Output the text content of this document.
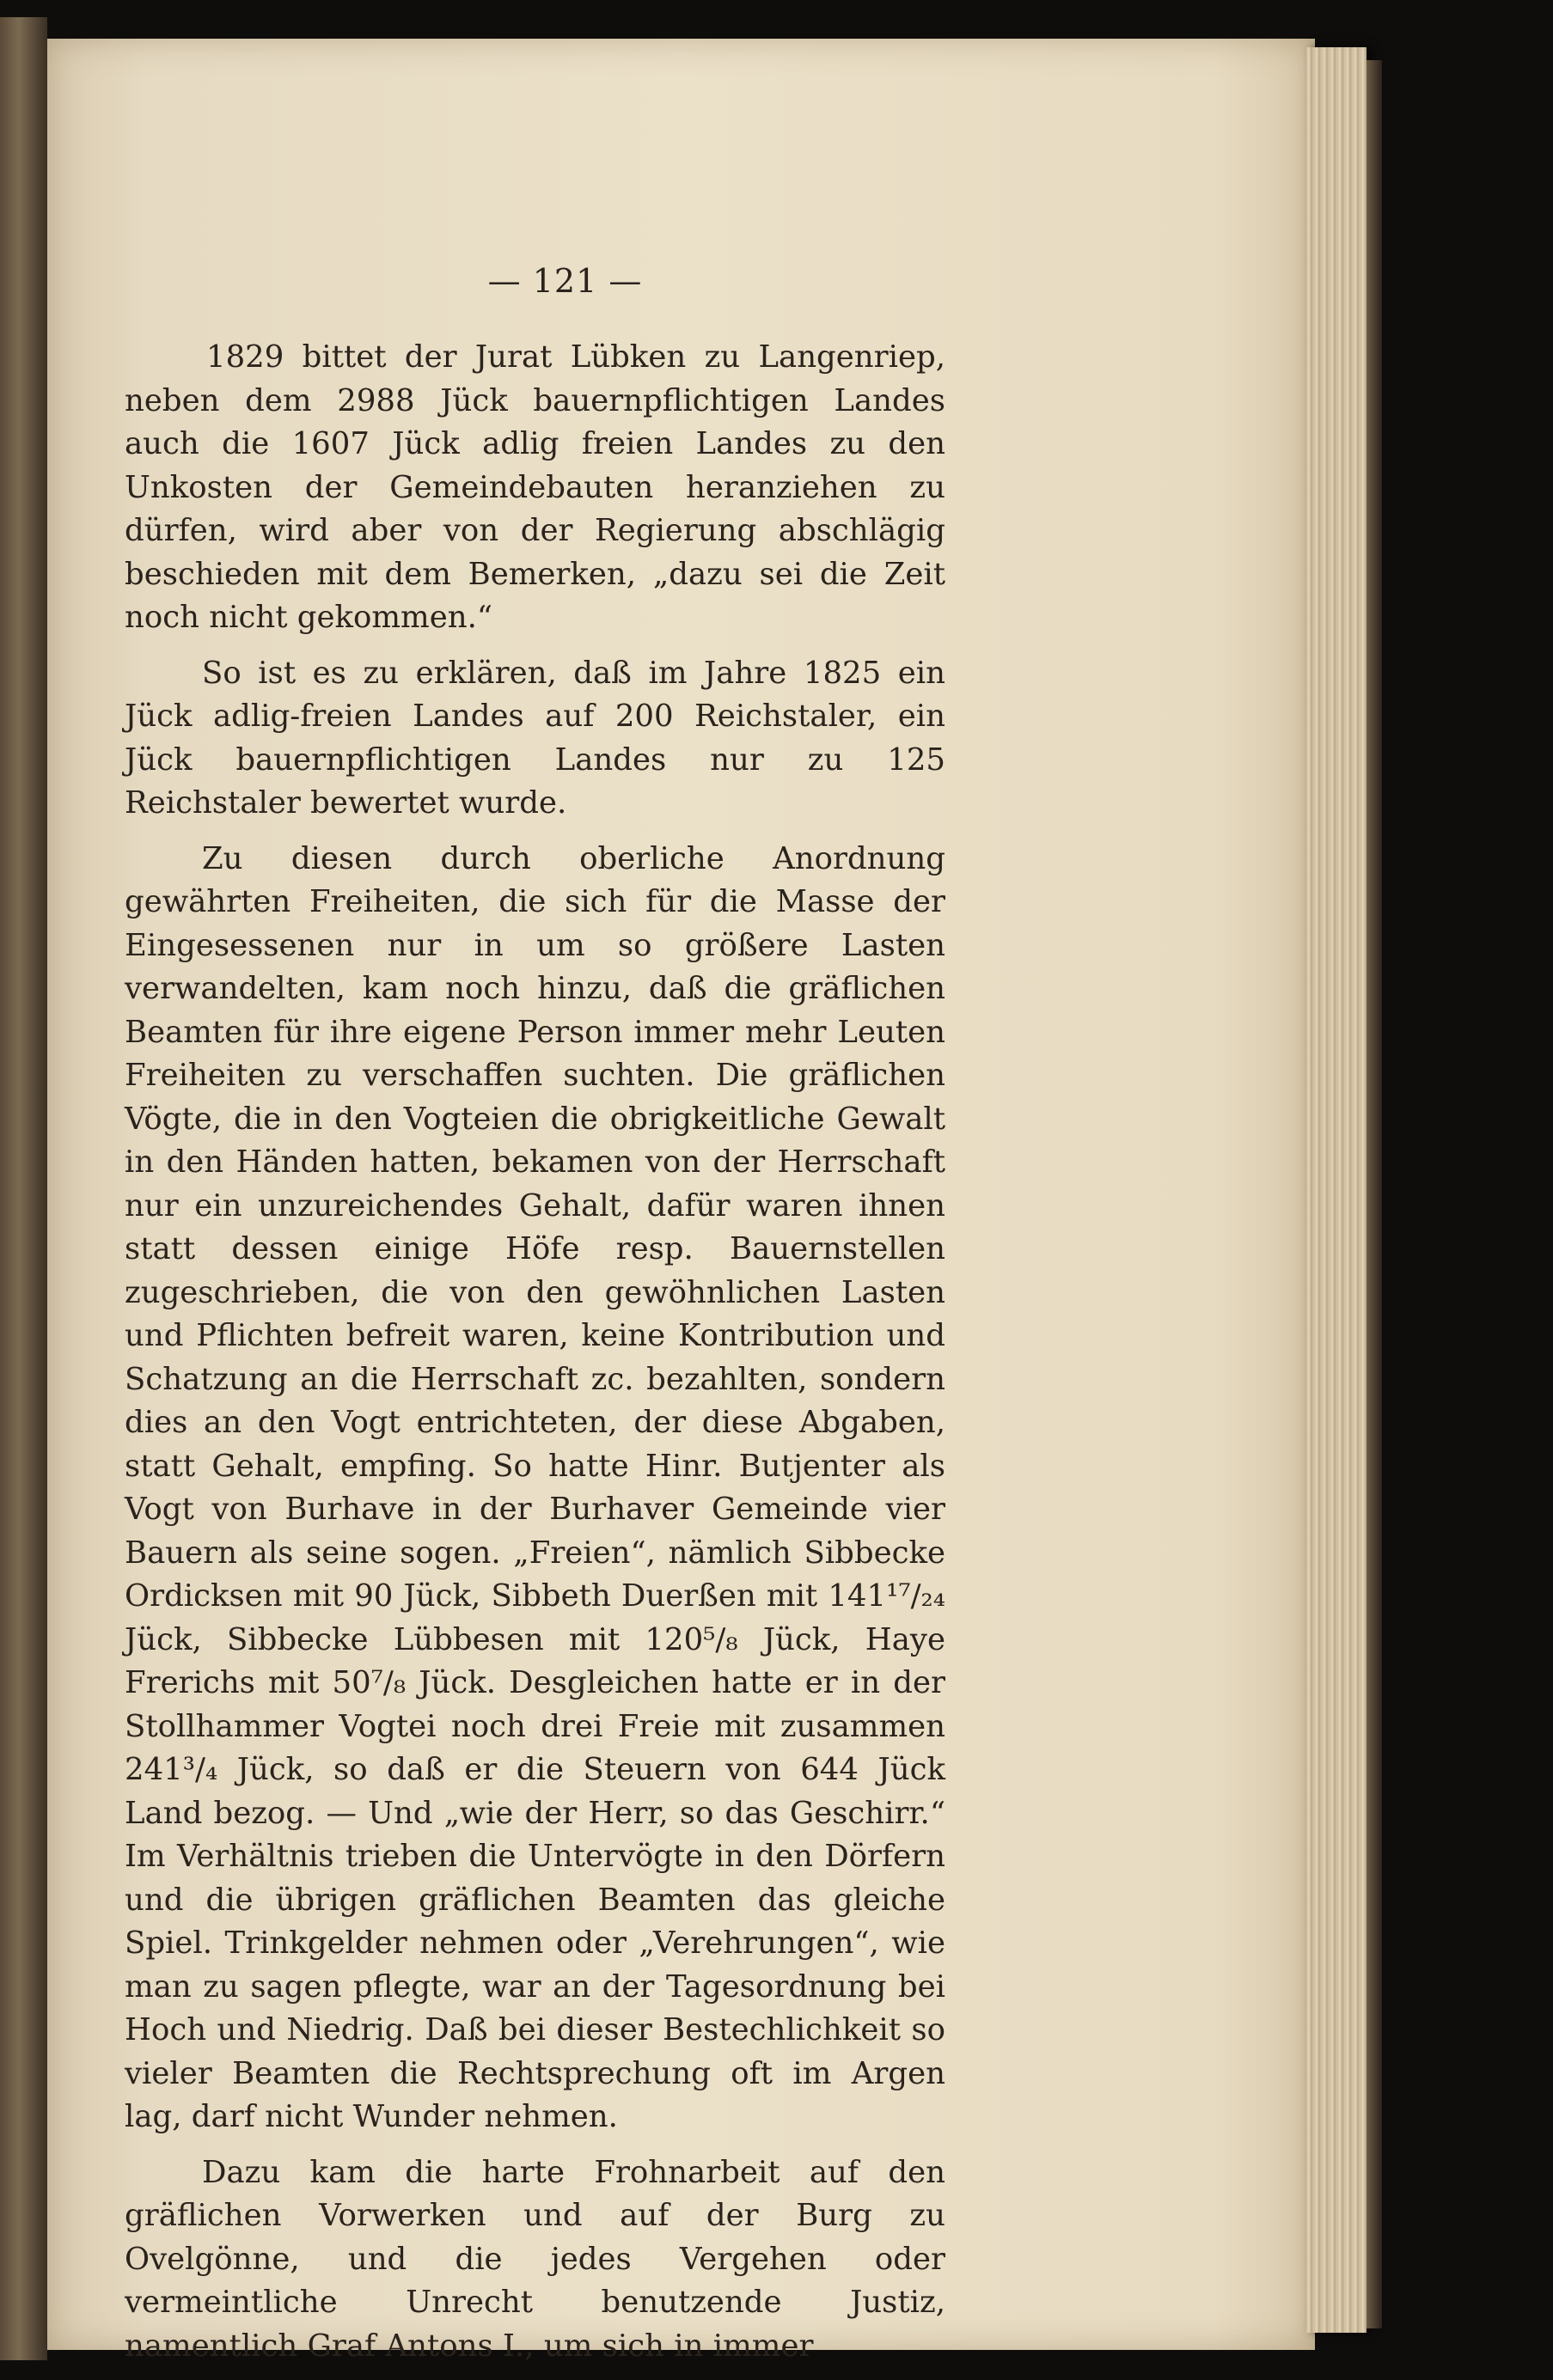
— 121 —

1829 bittet der Jurat Lübken zu Langenriep, neben dem 2988 Jück bauernpflichtigen Landes auch die 1607 Jück adlig freien Landes zu den Unkosten der Gemeindebauten heranziehen zu dürfen, wird aber von der Regierung abschlägig beschieden mit dem Bemerken, „dazu sei die Zeit noch nicht gekommen.“

So ist es zu erklären, daß im Jahre 1825 ein Jück adlig-freien Landes auf 200 Reichstaler, ein Jück bauernpflichtigen Landes nur zu 125 Reichstaler bewertet wurde.

Zu diesen durch oberliche Anordnung gewährten Freiheiten, die sich für die Masse der Eingesessenen nur in um so größere Lasten verwandelten, kam noch hinzu, daß die gräflichen Beamten für ihre eigene Person immer mehr Leuten Freiheiten zu verschaffen suchten. Die gräflichen Vögte, die in den Vogteien die obrigkeitliche Gewalt in den Händen hatten, bekamen von der Herrschaft nur ein unzureichendes Gehalt, dafür waren ihnen statt dessen einige Höfe resp. Bauernstellen zugeschrieben, die von den gewöhnlichen Lasten und Pflichten befreit waren, keine Kontribution und Schatzung an die Herrschaft zc. bezahlten, sondern dies an den Vogt entrichteten, der diese Abgaben, statt Gehalt, empfing. So hatte Hinr. Butjenter als Vogt von Burhave in der Burhaver Gemeinde vier Bauern als seine sogen. „Freien“, nämlich Sibbecke Ordicksen mit 90 Jück, Sibbeth Duerßen mit 141¹⁷/₂₄ Jück, Sibbecke Lübbesen mit 120⁵/₈ Jück, Haye Frerichs mit 50⁷/₈ Jück. Desgleichen hatte er in der Stollhammer Vogtei noch drei Freie mit zusammen 241³/₄ Jück, so daß er die Steuern von 644 Jück Land bezog. — Und „wie der Herr, so das Geschirr.“ Im Verhältnis trieben die Untervögte in den Dörfern und die übrigen gräflichen Beamten das gleiche Spiel. Trinkgelder nehmen oder „Verehrungen“, wie man zu sagen pflegte, war an der Tagesordnung bei Hoch und Niedrig. Daß bei dieser Bestechlichkeit so vieler Beamten die Rechtsprechung oft im Argen lag, darf nicht Wunder nehmen.

Dazu kam die harte Frohnarbeit auf den gräflichen Vorwerken und auf der Burg zu Ovelgönne, und die jedes Vergehen oder vermeintliche Unrecht benutzende Justiz, namentlich Graf Antons I., um sich in immer
